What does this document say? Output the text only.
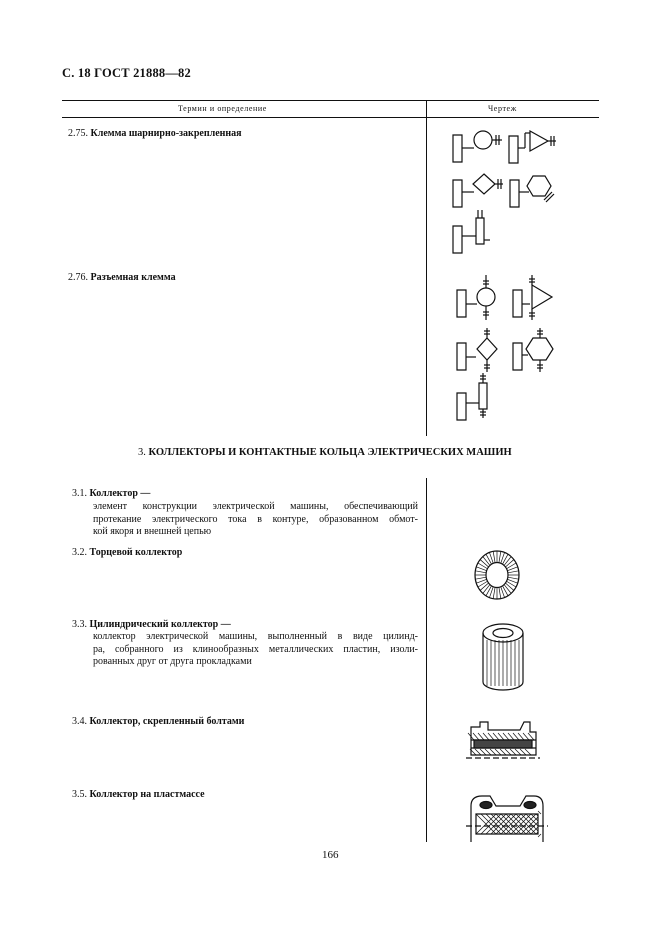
С. 18 ГОСТ 21888—82
Термин и определение	Чертеж
2.75. Клемма шарнирно-закрепленная
2.76. Разъемная клемма
3. КОЛЛЕКТОРЫ И КОНТАКТНЫЕ КОЛЬЦА ЭЛЕКТРИЧЕСКИХ МАШИН
3.1. Коллектор —
элемент конструкции электрической машины, обеспечивающий
протекание электрического тока в контуре, образованном обмот-
кой якоря и внешней цепью
3.2. Торцевой коллектор
3.3. Цилиндрический коллектор —
коллектор электрической машины, выполненный в виде цилинд-
ра, собранного из клинообразных металлических пластин, изоли-
рованных друг от друга прокладками
3.4. Коллектор, скрепленный болтами
3.5. Коллектор на пластмассе
166
